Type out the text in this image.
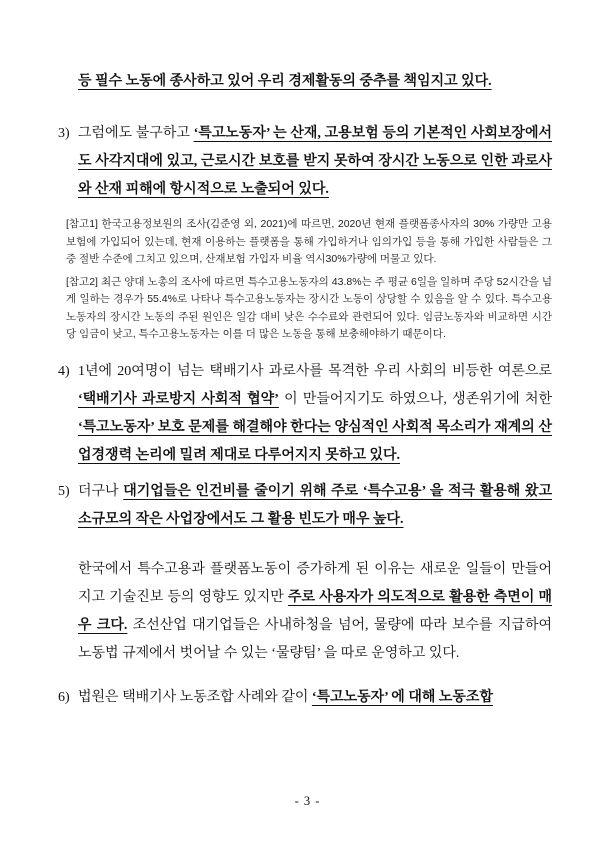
등 필수 노동에 종사하고 있어 우리 경제활동의 중추를 책임지고 있다.
3) 그럼에도 불구하고 ‘특고노동자’ 는 산재, 고용보험 등의 기본적인 사회보장에서도 사각지대에 있고, 근로시간 보호를 받지 못하여 장시간 노동으로 인한 과로사와 산재 피해에 항시적으로 노출되어 있다.
[참고1] 한국고용정보원의 조사(김준영 외, 2021)에 따르면, 2020년 현재 플랫폼종사자의 30% 가량만 고용보험에 가입되어 있는데, 현재 이용하는 플랫폼을 통해 가입하거나 임의가입 등을 통해 가입한 사람들은 그 중 절반 수준에 그치고 있으며, 산재보험 가입자 비율 역시30%가량에 머물고 있다.
[참고2] 최근 양대 노총의 조사에 따르면 특수고용노동자의 43.8%는 주 평균 6일을 일하며 주당 52시간을 넘게 일하는 경우가 55.4%로 나타나 특수고용노동자는 장시간 노동이 상당할 수 있음을 알 수 있다. 특수고용노동자의 장시간 노동의 주된 원인은 일감 대비 낮은 수수료와 관련되어 있다. 임금노동자와 비교하면 시간당 임금이 낮고, 특수고용노동자는 이를 더 많은 노동을 통해 보충해야하기 때문이다.
4) 1년에 20여명이 넘는 택배기사 과로사를 목격한 우리 사회의 비등한 여론으로 ‘택배기사 과로방지 사회적 협약’ 이 만들어지기도 하였으나, 생존위기에 처한 ‘특고노동자’ 보호 문제를 해결해야 한다는 양심적인 사회적 목소리가 재계의 산업경쟁력 논리에 밀려 제대로 다루어지지 못하고 있다.
5) 더구나 대기업들은 인건비를 줄이기 위해 주로 ‘특수고용’ 을 적극 활용해 왔고 소규모의 작은 사업장에서도 그 활용 빈도가 매우 높다.
한국에서 특수고용과 플랫폼노동이 증가하게 된 이유는 새로운 일들이 만들어지고 기술진보 등의 영향도 있지만 주로 사용자가 의도적으로 활용한 측면이 매우 크다. 조선산업 대기업들은 사내하청을 넘어, 물량에 따라 보수를 지급하여 노동법 규제에서 벗어날 수 있는 ‘물량팀’ 을 따로 운영하고 있다.
6) 법원은 택배기사 노동조합 사례와 같이 ‘특고노동자’ 에 대해 노동조합
- 3 -
